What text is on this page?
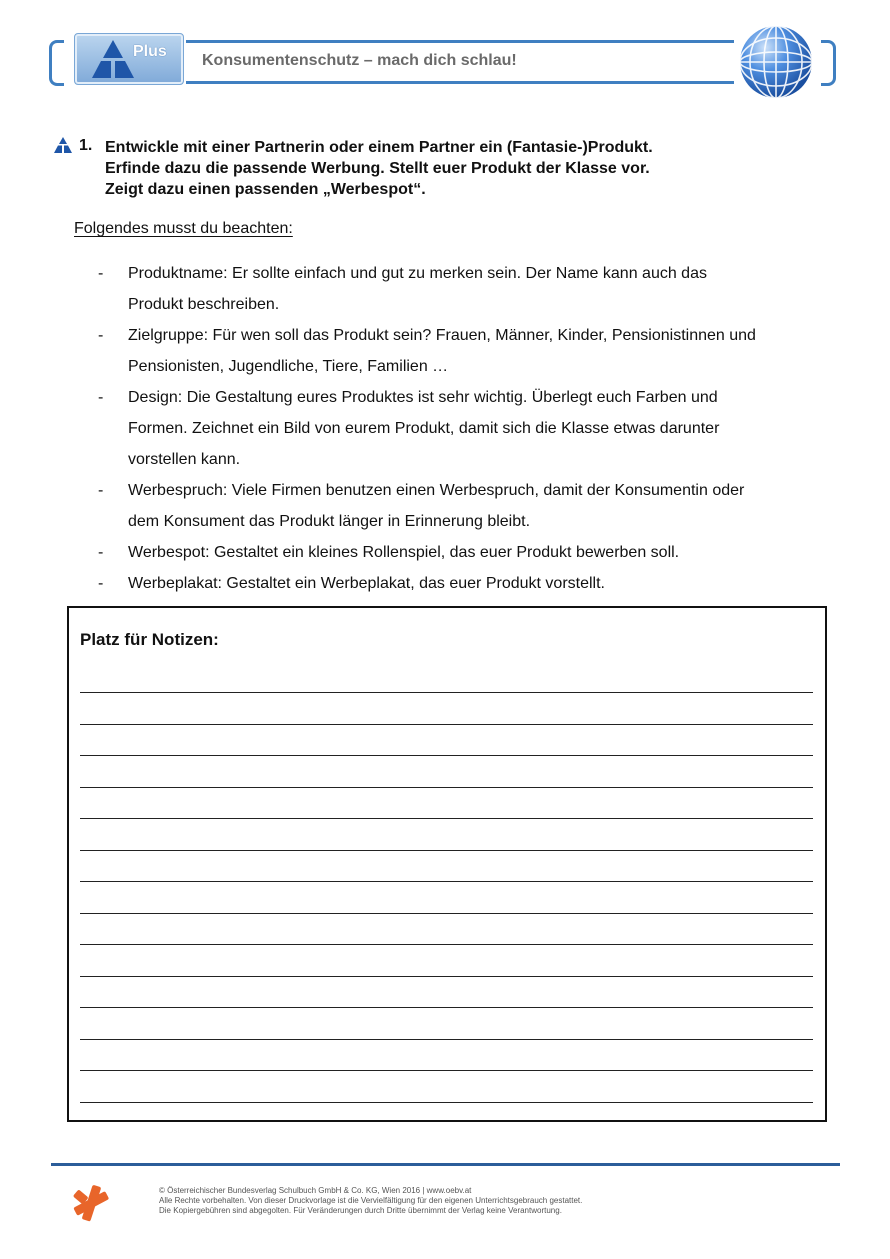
Plus
Konsumentenschutz – mach dich schlau!
1. Entwickle mit einer Partnerin oder einem Partner ein (Fantasie-)Produkt.
Erfinde dazu die passende Werbung. Stellt euer Produkt der Klasse vor.
Zeigt dazu einen passenden „Werbespot“.
Folgendes musst du beachten:
- Produktname: Er sollte einfach und gut zu merken sein. Der Name kann auch das
Produkt beschreiben.
- Zielgruppe: Für wen soll das Produkt sein? Frauen, Männer, Kinder, Pensionistinnen und
Pensionisten, Jugendliche, Tiere, Familien …
- Design: Die Gestaltung eures Produktes ist sehr wichtig. Überlegt euch Farben und
Formen. Zeichnet ein Bild von eurem Produkt, damit sich die Klasse etwas darunter
vorstellen kann.
- Werbespruch: Viele Firmen benutzen einen Werbespruch, damit der Konsumentin oder
dem Konsument das Produkt länger in Erinnerung bleibt.
- Werbespot: Gestaltet ein kleines Rollenspiel, das euer Produkt bewerben soll.
- Werbeplakat: Gestaltet ein Werbeplakat, das euer Produkt vorstellt.
Platz für Notizen:
© Österreichischer Bundesverlag Schulbuch GmbH & Co. KG, Wien 2016 | www.oebv.at
Alle Rechte vorbehalten. Von dieser Druckvorlage ist die Vervielfältigung für den eigenen Unterrichtsgebrauch gestattet.
Die Kopiergebühren sind abgegolten. Für Veränderungen durch Dritte übernimmt der Verlag keine Verantwortung.
